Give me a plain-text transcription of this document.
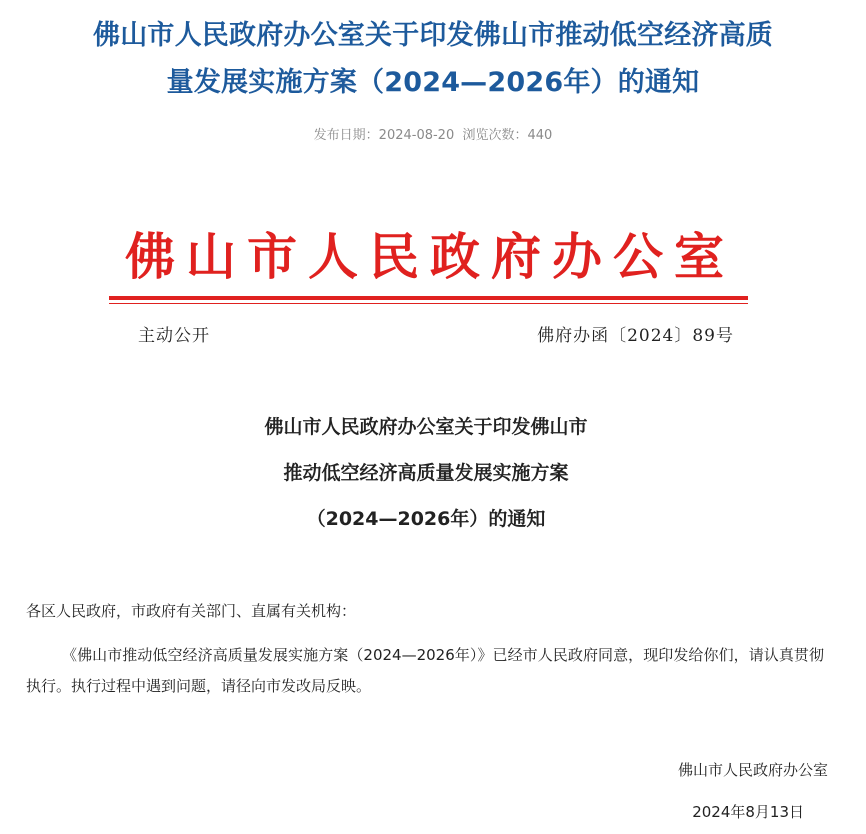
佛山市人民政府办公室关于印发佛山市推动低空经济高质
量发展实施方案（2024—2026年）的通知
发布日期：2024-08-20 浏览次数：440
佛山市人民政府办公室
主动公开	佛府办函〔2024〕89号
佛山市人民政府办公室关于印发佛山市
推动低空经济高质量发展实施方案
（2024—2026年）的通知
各区人民政府，市政府有关部门、直属有关机构：
《佛山市推动低空经济高质量发展实施方案（2024—2026年）》已经市人民政府同意，现印发给你们，请认真贯彻执行。执行过程中遇到问题，请径向市发改局反映。
佛山市人民政府办公室
2024年8月13日
